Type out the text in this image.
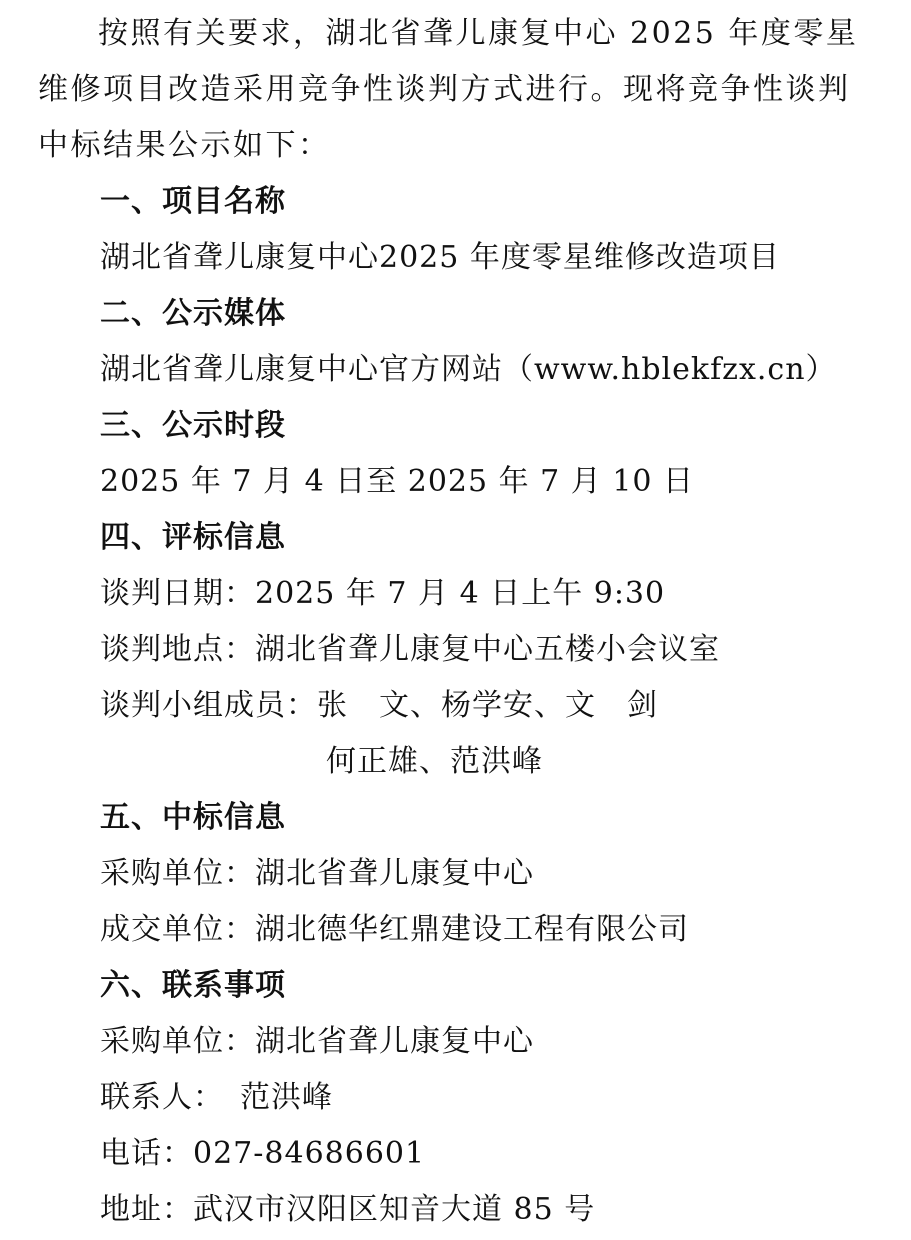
按照有关要求，湖北省聋儿康复中心 2025 年度零星维修项目改造采用竞争性谈判方式进行。现将竞争性谈判中标结果公示如下：
一、项目名称
湖北省聋儿康复中心2025 年度零星维修改造项目
二、公示媒体
湖北省聋儿康复中心官方网站（www.hblekfzx.cn）
三、公示时段
2025 年 7 月 4 日至 2025 年 7 月 10 日
四、评标信息
谈判日期：2025 年 7 月 4 日上午 9:30
谈判地点：湖北省聋儿康复中心五楼小会议室
谈判小组成员：张　文、杨学安、文　剑
何正雄、范洪峰
五、中标信息
采购单位：湖北省聋儿康复中心
成交单位：湖北德华红鼎建设工程有限公司
六、联系事项
采购单位：湖北省聋儿康复中心
联系人：　范洪峰
电话：027-84686601
地址：武汉市汉阳区知音大道 85 号
